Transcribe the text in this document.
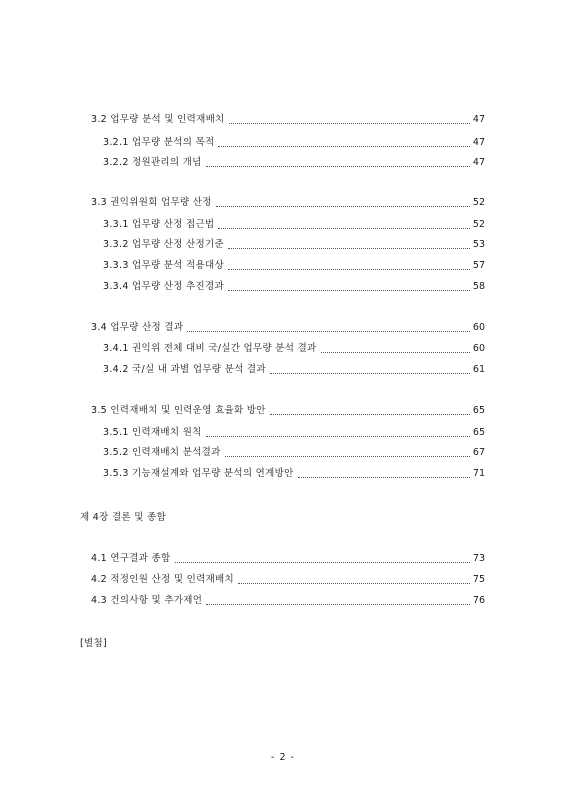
3.2 업무량 분석 및 인력재배치	47
3.2.1 업무량 분석의 목적	47
3.2.2 정원관리의 개념	47
3.3 권익위원회 업무량 산정	52
3.3.1 업무량 산정 접근법	52
3.3.2 업무량 산정 산정기준	53
3.3.3 업무량 분석 적용대상	57
3.3.4 업무량 산정 추진경과	58
3.4 업무량 산정 결과	60
3.4.1 권익위 전체 대비 국/실간 업무량 분석 결과	60
3.4.2 국/실 내 과별 업무량 분석 결과	61
3.5 인력재배치 및 인력운영 효율화 방안	65
3.5.1 인력재배치 원칙	65
3.5.2 인력재배치 분석결과	67
3.5.3 기능재설계와 업무량 분석의 연계방안	71
제 4장 결론 및 종합
4.1 연구결과 종합	73
4.2 적정인원 산정 및 인력재배치	75
4.3 건의사항 및 추가제언	76
[별첨]
- 2 -
